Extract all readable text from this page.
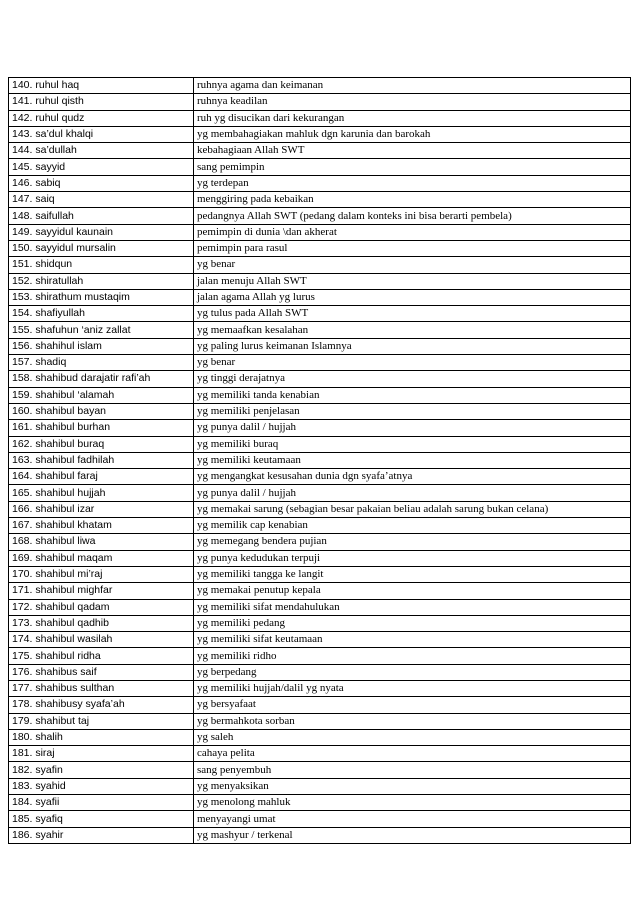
140. ruhul haq	ruhnya agama dan keimanan
141. ruhul qisth	ruhnya keadilan
142. ruhul qudz	ruh yg disucikan dari kekurangan
143. sa’dul khalqi	yg membahagiakan mahluk dgn karunia dan barokah
144. sa’dullah	kebahagiaan Allah SWT
145. sayyid	sang pemimpin
146. sabiq	yg terdepan
147. saiq	menggiring pada kebaikan
148. saifullah	pedangnya Allah SWT (pedang dalam konteks ini bisa berarti pembela)
149. sayyidul kaunain	pemimpin di dunia \dan akherat
150. sayyidul mursalin	pemimpin para rasul
151. shidqun	yg benar
152. shiratullah	jalan menuju Allah SWT
153. shirathum mustaqim	jalan agama Allah yg lurus
154. shafiyullah	yg tulus pada Allah SWT
155. shafuhun ‘aniz zallat	yg memaafkan kesalahan
156. shahihul islam	yg paling lurus keimanan Islamnya
157. shadiq	yg benar
158. shahibud darajatir rafi’ah	yg tinggi derajatnya
159. shahibul ‘alamah	yg memiliki tanda kenabian
160. shahibul bayan	yg memiliki penjelasan
161. shahibul burhan	yg punya dalil / hujjah
162. shahibul buraq	yg memiliki buraq
163. shahibul fadhilah	yg memiliki keutamaan
164. shahibul faraj	yg mengangkat kesusahan dunia dgn syafa’atnya
165. shahibul hujjah	yg punya dalil / hujjah
166. shahibul izar	yg memakai sarung (sebagian besar pakaian beliau adalah sarung bukan celana)
167. shahibul khatam	yg memilik cap kenabian
168. shahibul liwa	yg memegang bendera pujian
169. shahibul maqam	yg punya kedudukan terpuji
170. shahibul mi’raj	yg memiliki tangga ke langit
171. shahibul mighfar	yg memakai penutup kepala
172. shahibul qadam	yg memiliki sifat mendahulukan
173. shahibul qadhib	yg memiliki pedang
174. shahibul wasilah	yg memiliki sifat keutamaan
175. shahibul ridha	yg memiliki ridho
176. shahibus saif	yg berpedang
177. shahibus sulthan	yg memiliki hujjah/dalil yg nyata
178. shahibusy syafa’ah	yg bersyafaat
179. shahibut taj	yg bermahkota sorban
180. shalih	yg saleh
181. siraj	cahaya pelita
182. syafin	sang penyembuh
183. syahid	yg menyaksikan
184. syafii	yg menolong mahluk
185. syafiq	menyayangi umat
186. syahir	yg mashyur / terkenal
